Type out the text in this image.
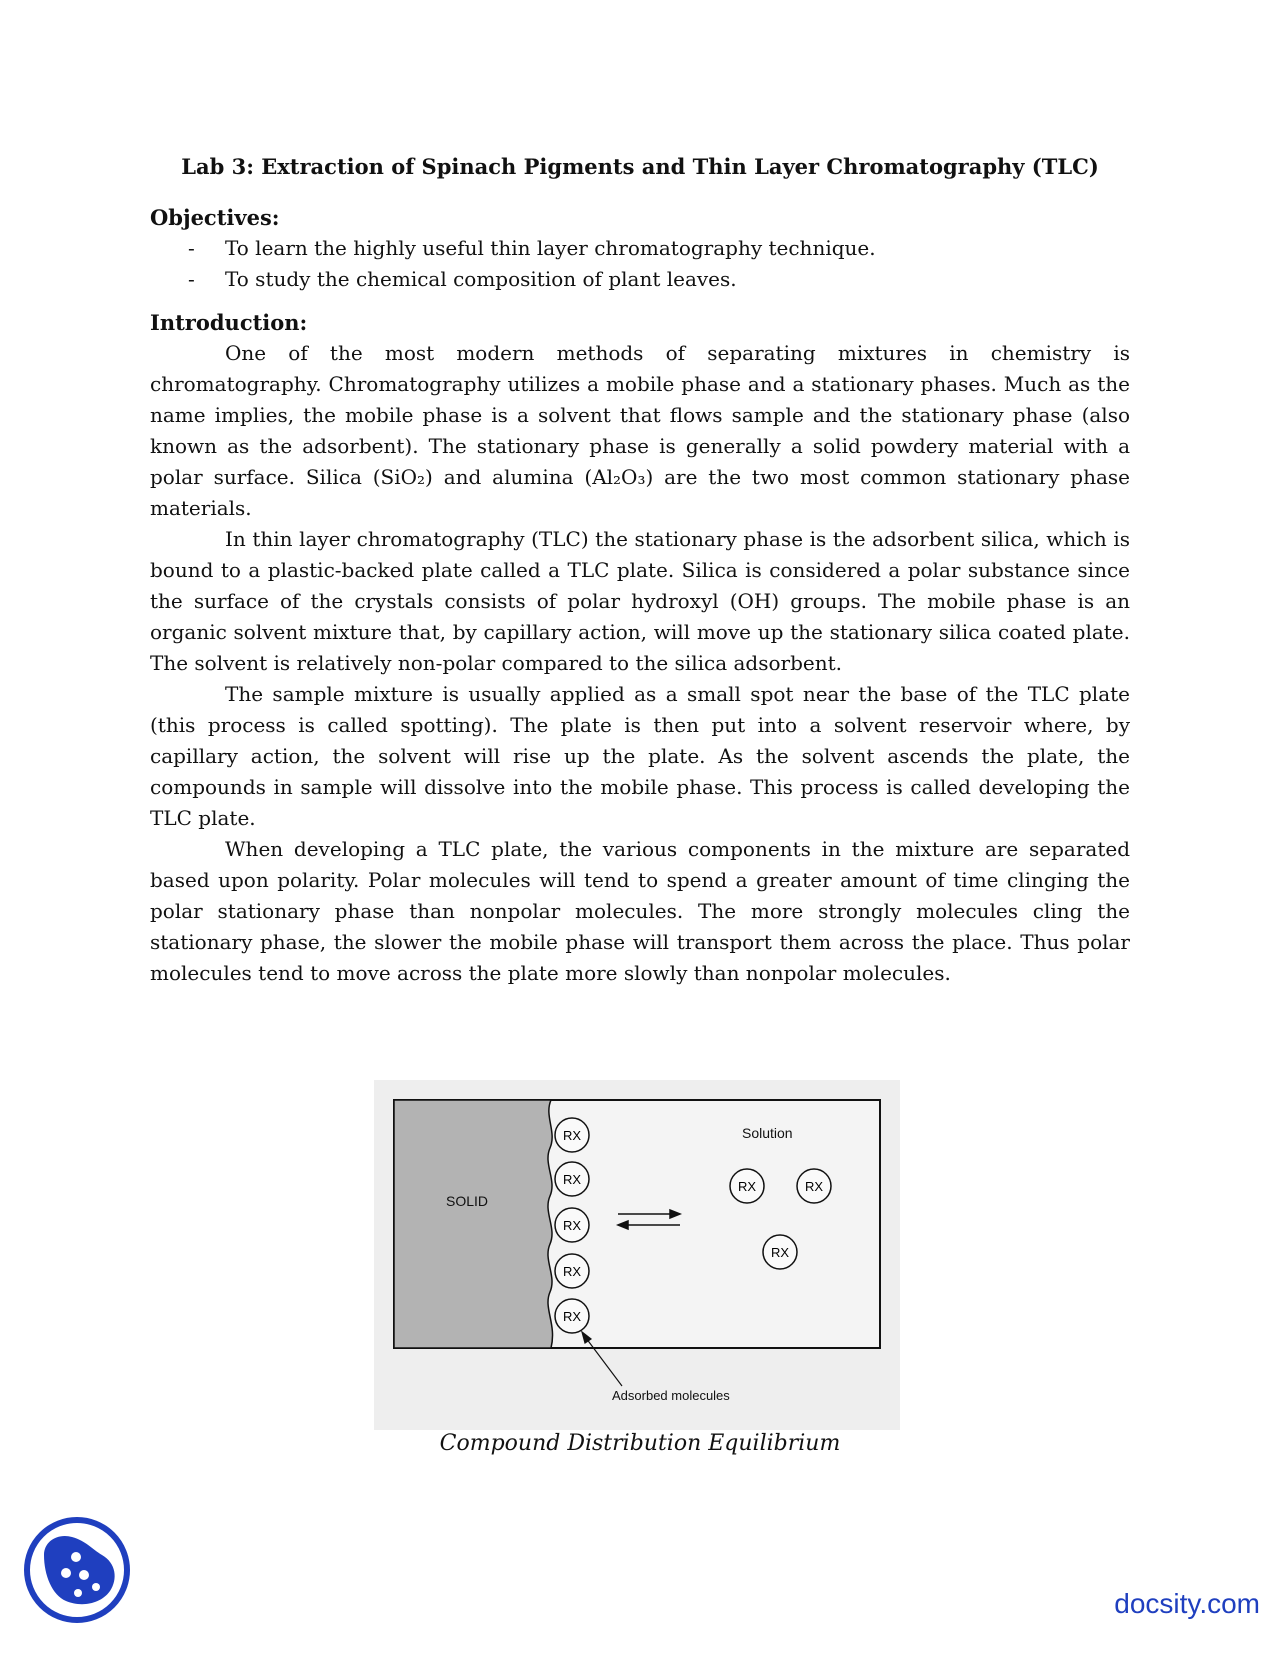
Lab 3: Extraction of Spinach Pigments and Thin Layer Chromatography (TLC)

Objectives:

- To learn the highly useful thin layer chromatography technique.
- To study the chemical composition of plant leaves.

Introduction:

One of the most modern methods of separating mixtures in chemistry is chromatography. Chromatography utilizes a mobile phase and a stationary phases. Much as the name implies, the mobile phase is a solvent that flows sample and the stationary phase (also known as the adsorbent). The stationary phase is generally a solid powdery material with a polar surface. Silica (SiO₂) and alumina (Al₂O₃) are the two most common stationary phase materials.

In thin layer chromatography (TLC) the stationary phase is the adsorbent silica, which is bound to a plastic-backed plate called a TLC plate. Silica is considered a polar substance since the surface of the crystals consists of polar hydroxyl (OH) groups. The mobile phase is an organic solvent mixture that, by capillary action, will move up the stationary silica coated plate. The solvent is relatively non-polar compared to the silica adsorbent.

The sample mixture is usually applied as a small spot near the base of the TLC plate (this process is called spotting). The plate is then put into a solvent reservoir where, by capillary action, the solvent will rise up the plate. As the solvent ascends the plate, the compounds in sample will dissolve into the mobile phase. This process is called developing the TLC plate.

When developing a TLC plate, the various components in the mixture are separated based upon polarity. Polar molecules will tend to spend a greater amount of time clinging the polar stationary phase than nonpolar molecules. The more strongly molecules cling the stationary phase, the slower the mobile phase will transport them across the place. Thus polar molecules tend to move across the plate more slowly than nonpolar molecules.

SOLID
Solution
RX
RX
RX
RX
RX
RX	RX
RX
Adsorbed molecules
Compound Distribution Equilibrium
docsity.com
